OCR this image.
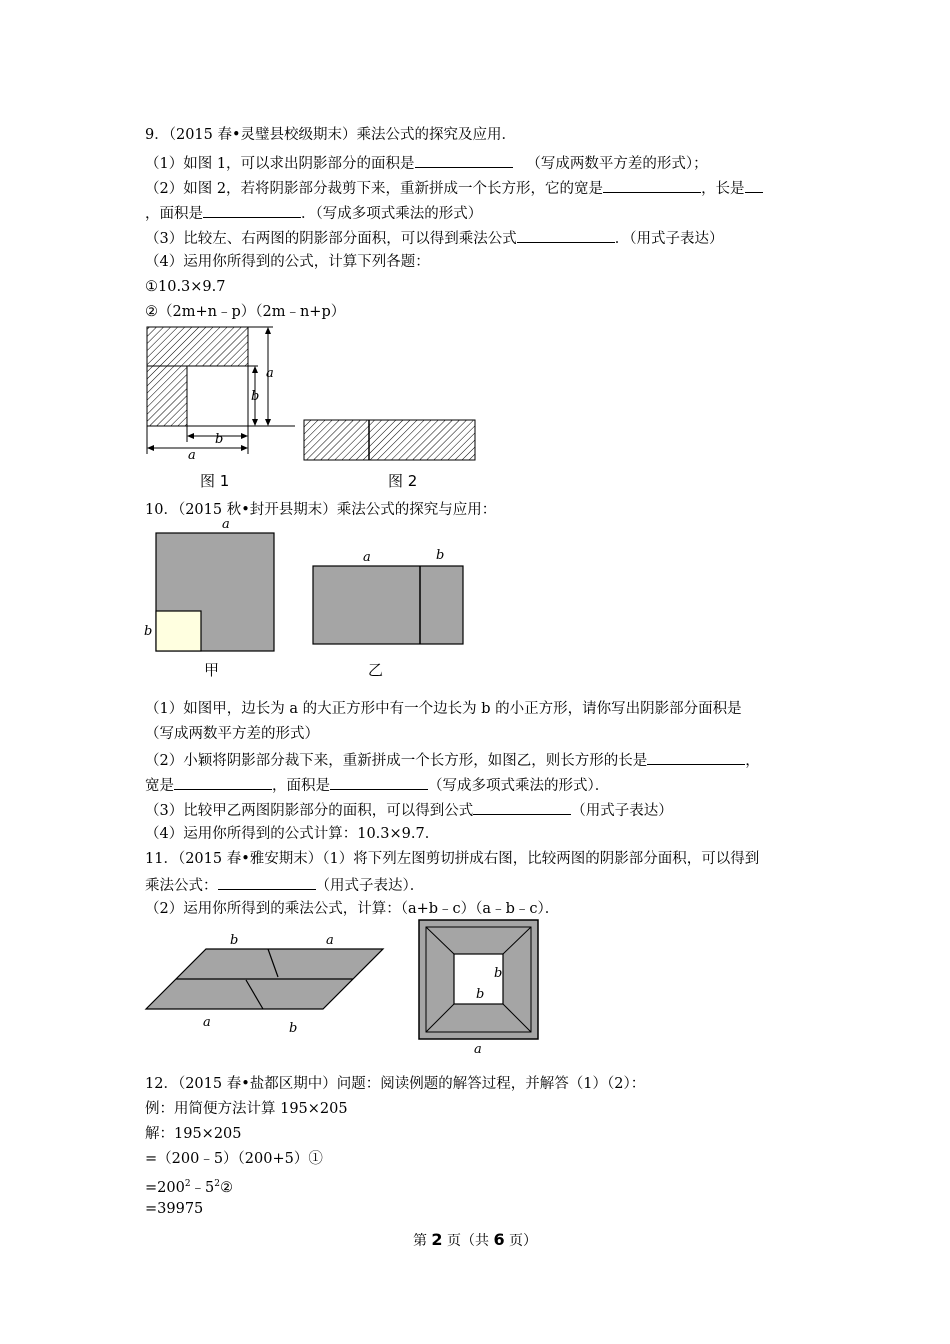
9．（2015 春•灵璧县校级期末）乘法公式的探究及应用．
（1）如图 1，可以求出阴影部分的面积是	（写成两数平方差的形式）；
（2）如图 2，若将阴影部分裁剪下来，重新拼成一个长方形，它的宽是	，长是
，面积是	．（写成多项式乘法的形式）
（3）比较左、右两图的阴影部分面积，可以得到乘法公式	．（用式子表达）
（4）运用你所得到的公式，计算下列各题：
①10.3×9.7
②（2m+n﹣p）（2m﹣n+p）
a
b
b
a
图 1	图 2
10．（2015 秋•封开县期末）乘法公式的探究与应用：
a
b
甲
a	b
乙
（1）如图甲，边长为 a 的大正方形中有一个边长为 b 的小正方形，请你写出阴影部分面积是
（写成两数平方差的形式）
（2）小颖将阴影部分裁下来，重新拼成一个长方形，如图乙，则长方形的长是	，
宽是	，面积是	（写成多项式乘法的形式）．
（3）比较甲乙两图阴影部分的面积，可以得到公式	（用式子表达）
（4）运用你所得到的公式计算：10.3×9.7．
11．（2015 春•雅安期末）（1）将下列左图剪切拼成右图，比较两图的阴影部分面积，可以得到
乘法公式：	（用式子表达）．
（2）运用你所得到的乘法公式，计算：（a+b﹣c）（a﹣b﹣c）．
b	a
a	b
b
b
a
12．（2015 春•盐都区期中）问题：阅读例题的解答过程，并解答（1）（2）：
例：用简便方法计算 195×205
解：195×205
=（200﹣5）（200+5）①
$=200^2﹣5^2②$
=39975
第 2 页（共 6 页）
